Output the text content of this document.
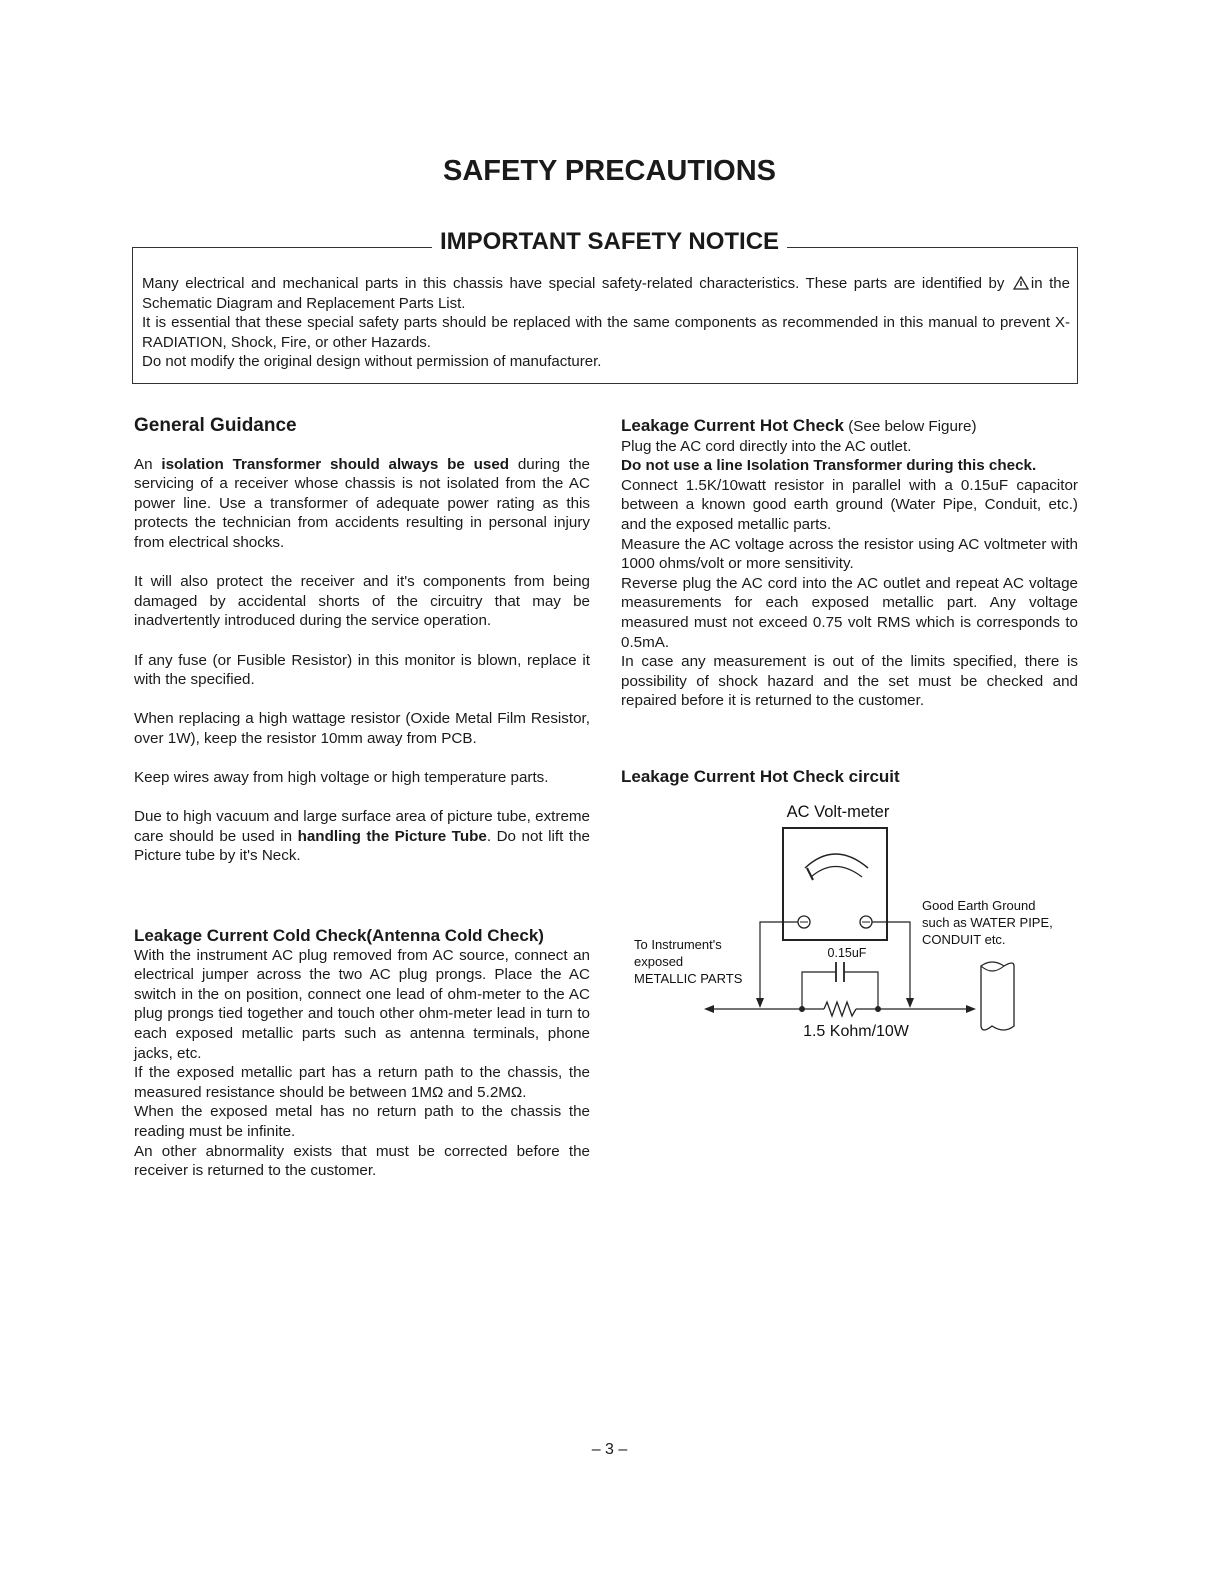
SAFETY PRECAUTIONS
IMPORTANT SAFETY NOTICE

Many electrical and mechanical parts in this chassis have special safety-related characteristics. These parts are identified by in the Schematic Diagram and Replacement Parts List.

It is essential that these special safety parts should be replaced with the same components as recommended in this manual to prevent X-RADIATION, Shock, Fire, or other Hazards.

Do not modify the original design without permission of manufacturer.

General Guidance

An isolation Transformer should always be used during the servicing of a receiver whose chassis is not isolated from the AC power line. Use a transformer of adequate power rating as this protects the technician from accidents resulting in personal injury from electrical shocks.

It will also protect the receiver and it's components from being damaged by accidental shorts of the circuitry that may be inadvertently introduced during the service operation.

If any fuse (or Fusible Resistor) in this monitor is blown, replace it with the specified.

When replacing a high wattage resistor (Oxide Metal Film Resistor, over 1W), keep the resistor 10mm away from PCB.

Keep wires away from high voltage or high temperature parts.

Due to high vacuum and large surface area of picture tube, extreme care should be used in handling the Picture Tube. Do not lift the Picture tube by it's Neck.

Leakage Current Cold Check(Antenna Cold Check)

With the instrument AC plug removed from AC source, connect an electrical jumper across the two AC plug prongs. Place the AC switch in the on position, connect one lead of ohm-meter to the AC plug prongs tied together and touch other ohm-meter lead in turn to each exposed metallic parts such as antenna terminals, phone jacks, etc.

If the exposed metallic part has a return path to the chassis, the measured resistance should be between 1MΩ and 5.2MΩ.

When the exposed metal has no return path to the chassis the reading must be infinite.

An other abnormality exists that must be corrected before the receiver is returned to the customer.

Leakage Current Hot Check (See below Figure)

Plug the AC cord directly into the AC outlet.

Do not use a line Isolation Transformer during this check.

Connect 1.5K/10watt resistor in parallel with a 0.15uF capacitor between a known good earth ground (Water Pipe, Conduit, etc.) and the exposed metallic parts.

Measure the AC voltage across the resistor using AC voltmeter with 1000 ohms/volt or more sensitivity.

Reverse plug the AC cord into the AC outlet and repeat AC voltage measurements for each exposed metallic part. Any voltage measured must not exceed 0.75 volt RMS which is corresponds to 0.5mA.

In case any measurement is out of the limits specified, there is possibility of shock hazard and the set must be checked and repaired before it is returned to the customer.

Leakage Current Hot Check circuit
AC Volt-meter
0.15uF
1.5 Kohm/10W
To Instrument's
exposed
METALLIC PARTS
Good Earth Ground
such as WATER PIPE,
CONDUIT etc.

– 3 –
